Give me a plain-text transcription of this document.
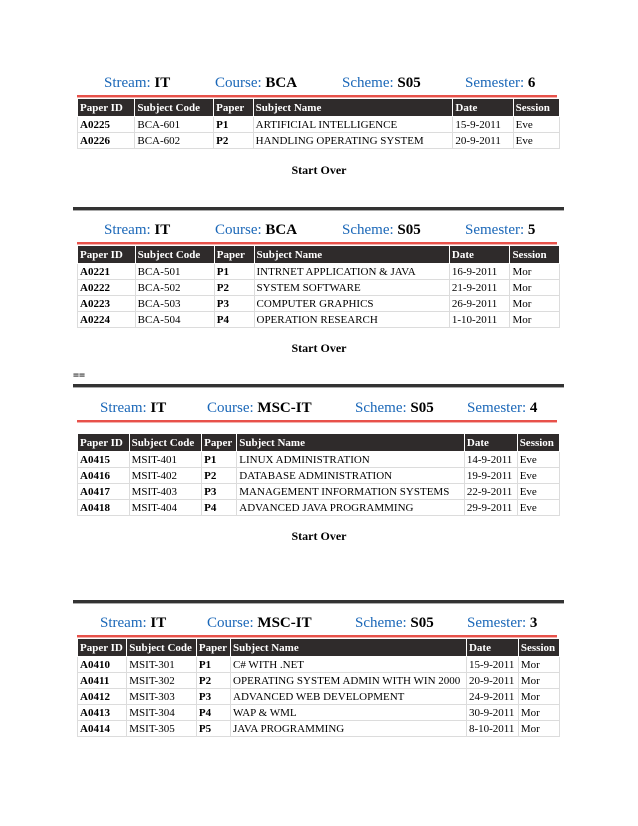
Stream: IT	Course: BCA	Scheme: S05	Semester: 6
Paper ID	Subject Code	Paper	Subject Name	Date	Session
A0225	BCA-601	P1	ARTIFICIAL INTELLIGENCE	15-9-2011	Eve
A0226	BCA-602	P2	HANDLING OPERATING SYSTEM	20-9-2011	Eve
Start Over
Stream: IT	Course: BCA	Scheme: S05	Semester: 5
Paper ID	Subject Code	Paper	Subject Name	Date	Session
A0221	BCA-501	P1	INTRNET APPLICATION & JAVA	16-9-2011	Mor
A0222	BCA-502	P2	SYSTEM SOFTWARE	21-9-2011	Mor
A0223	BCA-503	P3	COMPUTER GRAPHICS	26-9-2011	Mor
A0224	BCA-504	P4	OPERATION RESEARCH	1-10-2011	Mor
Start Over
==
Stream: IT	Course: MSC-IT	Scheme: S05 Semester: 4
Paper ID	Subject Code	Paper	Subject Name	Date	Session
A0415	MSIT-401	P1	LINUX ADMINISTRATION	14-9-2011	Eve
A0416	MSIT-402	P2	DATABASE ADMINISTRATION	19-9-2011	Eve
A0417	MSIT-403	P3	MANAGEMENT INFORMATION SYSTEMS	22-9-2011	Eve
A0418	MSIT-404	P4	ADVANCED JAVA PROGRAMMING	29-9-2011	Eve
Start Over
Stream: IT	Course: MSC-IT	Scheme: S05 Semester: 3
Paper ID	Subject Code	Paper	Subject Name	Date	Session
A0410	MSIT-301	P1	C# WITH .NET	15-9-2011	Mor
A0411	MSIT-302	P2	OPERATING SYSTEM ADMIN WITH WIN 2000	20-9-2011	Mor
A0412	MSIT-303	P3	ADVANCED WEB DEVELOPMENT	24-9-2011	Mor
A0413	MSIT-304	P4	WAP & WML	30-9-2011	Mor
A0414	MSIT-305	P5	JAVA PROGRAMMING	8-10-2011	Mor
